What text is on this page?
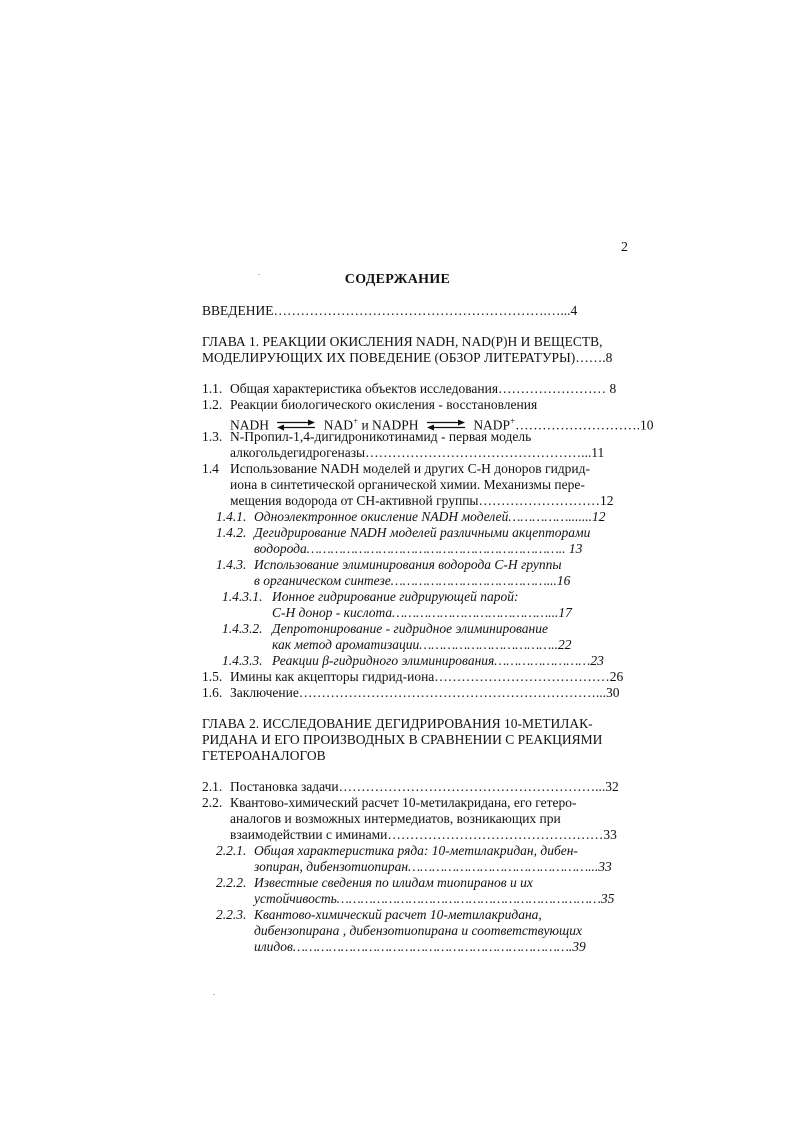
2
СОДЕРЖАНИЕ
ВВЕДЕНИЕ…………………………………………………….…...4
ГЛАВА 1. РЕАКЦИИ ОКИСЛЕНИЯ NADH, NAD(P)H И ВЕЩЕСТВ,
МОДЕЛИРУЮЩИХ ИХ ПОВЕДЕНИЕ (ОБЗОР ЛИТЕРАТУРЫ)…….8
1.1. Общая характеристика объектов исследования…………………… 8
1.2. Реакции биологического окисления - восстановления
NADH ⇌ NAD+ и NADPH ⇌ NADP+……………………….10
1.3. N-Пропил-1,4-дигидроникотинамид - первая модель
алкогольдегидрогеназы…………………………………………...11
1.4 Использование NADH моделей и других С-Н доноров гидрид-
иона в синтетической органической химии. Механизмы пере-
мещения водорода от СН-активной группы………………………12
1.4.1. Одноэлектронное окисление NADH моделей…………….......12
1.4.2. Дегидрирование NADH моделей различными акцепторами
водорода……………………………………………………….. 13
1.4.3. Использование элиминирования водорода С-Н группы
в органическом синтезе…………………………………...16
1.4.3.1. Ионное гидрирование гидрирующей парой:
С-Н донор - кислота…………………………………...17
1.4.3.2. Депротонирование - гидридное элиминирование
как метод ароматизации……………………………..22
1.4.3.3. Реакции β-гидридного элиминирования……………………23
1.5. Имины как акцепторы гидрид-иона…………………………………26
1.6. Заключение…………………………………………………………...30
ГЛАВА 2. ИССЛЕДОВАНИЕ ДЕГИДРИРОВАНИЯ 10-МЕТИЛАК-
РИДАНА И ЕГО ПРОИЗВОДНЫХ В СРАВНЕНИИ С РЕАКЦИЯМИ
ГЕТЕРОАНАЛОГОВ
2.1. Постановка задачи…………………………………………………...32
2.2. Квантово-химический расчет 10-метилакридана, его гетеро-
аналогов и возможных интермедиатов, возникающих при
взаимодействии с иминами…………………………………………33
2.2.1. Общая характеристика ряда: 10-метилакридан, дибен-
зопиран, дибензотиопиран………………………………………...33
2.2.2. Известные сведения по илидам тиопиранов и их
устойчивость…………………………………………………………35
2.2.3. Квантово-химический расчет 10-метилакридана,
дибензопирана , дибензотиопирана и соответствующих
илидов…………………………………………………………….39
